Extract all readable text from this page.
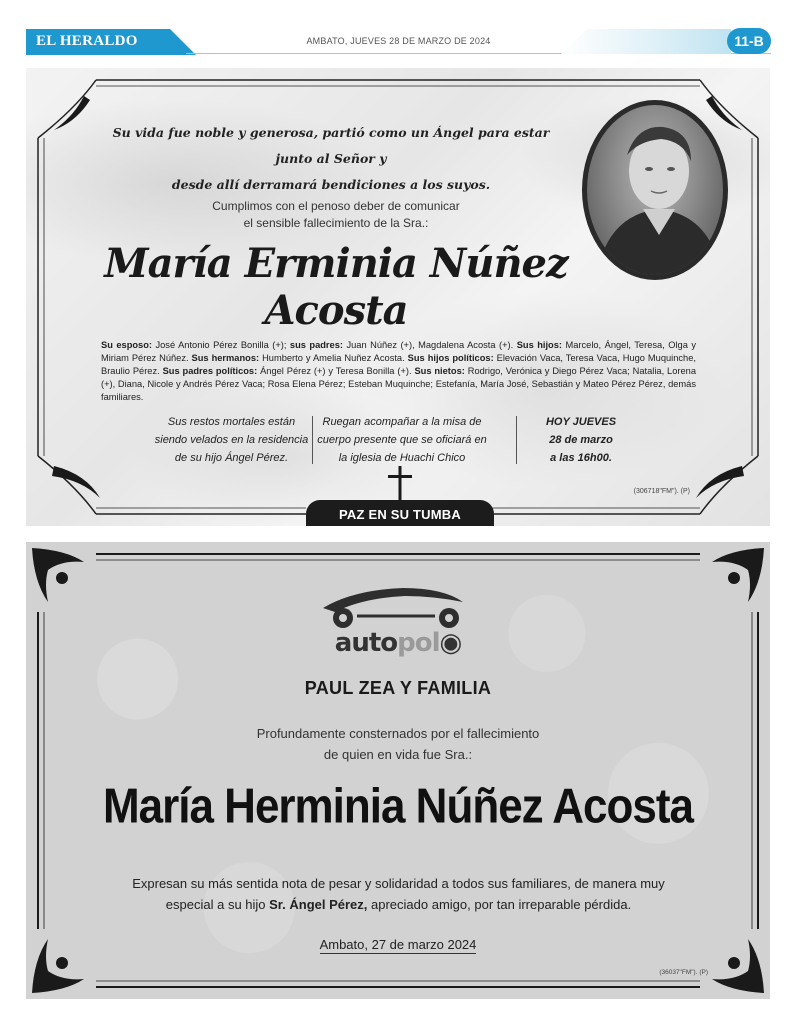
EL HERALDO	AMBATO, JUEVES 28 DE MARZO DE 2024	11-B
Su vida fue noble y generosa, partió como un Ángel para estar junto al Señor y
desde allí derramará bendiciones a los suyos.
Cumplimos con el penoso deber de comunicar
el sensible fallecimiento de la Sra.:
María Erminia Núñez Acosta
Su esposo: José Antonio Pérez Bonilla (+); sus padres: Juan Núñez (+), Magdalena Acosta (+). Sus hijos: Marcelo, Ángel, Teresa, Olga y Miriam Pérez Núñez. Sus hermanos: Humberto y Amelia Nuñez Acosta. Sus hijos políticos: Elevación Vaca, Teresa Vaca, Hugo Muquinche, Braulio Pérez. Sus padres políticos: Ángel Pérez (+) y Teresa Bonilla (+). Sus nietos: Rodrigo, Verónica y Diego Pérez Vaca; Natalia, Lorena (+), Diana, Nicole y Andrés Pérez Vaca; Rosa Elena Pérez; Esteban Muquinche; Estefanía, María José, Sebastián y Mateo Pérez Pérez, demás familiares.
Sus restos mortales están
siendo velados en la residencia
de su hijo Ángel Pérez.
Ruegan acompañar a la misa de
cuerpo presente que se oficiará en
la iglesia de Huachi Chico
HOY JUEVES
28 de marzo
a las 16h00.
(306718"FM"). (P)
PAZ EN SU TUMBA
autopol◉
PAUL ZEA Y FAMILIA
Profundamente consternados por el fallecimiento
de quien en vida fue Sra.:
María Herminia Núñez Acosta
Expresan su más sentida nota de pesar y solidaridad a todos sus familiares, de manera muy
especial a su hijo Sr. Ángel Pérez, apreciado amigo, por tan irreparable pérdida.
Ambato, 27 de marzo 2024
(36037"FM"). (P)
